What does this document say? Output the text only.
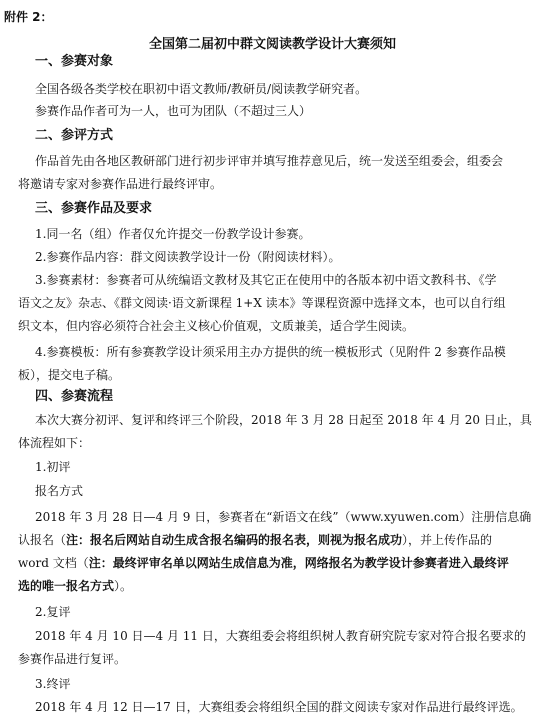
附件 2：
全国第二届初中群文阅读教学设计大赛须知
一、参赛对象
全国各级各类学校在职初中语文教师/教研员/阅读教学研究者。
参赛作品作者可为一人，也可为团队（不超过三人）
二、参评方式
作品首先由各地区教研部门进行初步评审并填写推荐意见后，统一发送至组委会，组委会
将邀请专家对参赛作品进行最终评审。
三、参赛作品及要求
1.同一名（组）作者仅允许提交一份教学设计参赛。
2.参赛作品内容：群文阅读教学设计一份（附阅读材料）。
3.参赛素材：参赛者可从统编语文教材及其它正在使用中的各版本初中语文教科书、《学
语文之友》杂志、《群文阅读·语文新课程 1+X 读本》等课程资源中选择文本，也可以自行组
织文本，但内容必须符合社会主义核心价值观，文质兼美，适合学生阅读。
4.参赛模板：所有参赛教学设计须采用主办方提供的统一模板形式（见附件 2 参赛作品模
板），提交电子稿。
四、参赛流程
本次大赛分初评、复评和终评三个阶段，2018 年 3 月 28 日起至 2018 年 4 月 20 日止，具
体流程如下：
1.初评
报名方式
2018 年 3 月 28 日—4 月 9 日，参赛者在“新语文在线”（www.xyuwen.com）注册信息确
认报名（注：报名后网站自动生成含报名编码的报名表，则视为报名成功），并上传作品的
word 文档（注：最终评审名单以网站生成信息为准，网络报名为教学设计参赛者进入最终评
选的唯一报名方式）。
2.复评
2018 年 4 月 10 日—4 月 11 日，大赛组委会将组织树人教育研究院专家对符合报名要求的
参赛作品进行复评。
3.终评
2018 年 4 月 12 日—17 日，大赛组委会将组织全国的群文阅读专家对作品进行最终评选。
